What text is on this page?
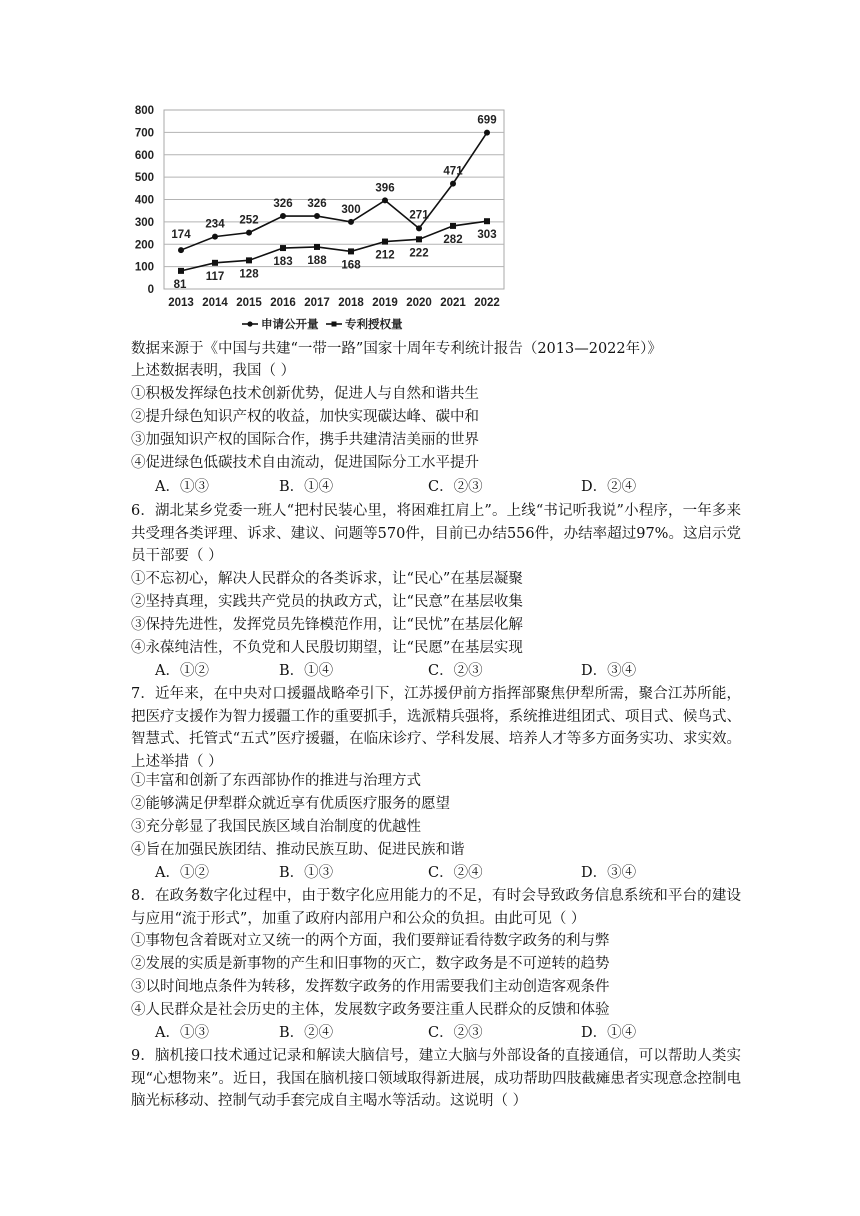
0
100
200
300
400
500
600
700
800
2013 2014 2015 2016 2017 2018 2019 2020 2021 2022
174
234 252
326 326 300
396
271
471
699
81
117 128
183 188 168
212 222
282 303
申请公开量 专利授权量
数据来源于《中国与共建“一带一路”国家十周年专利统计报告（2013—2022年）》
上述数据表明，我国（ ）
①积极发挥绿色技术创新优势，促进人与自然和谐共生
②提升绿色知识产权的收益，加快实现碳达峰、碳中和
③加强知识产权的国际合作，携手共建清洁美丽的世界
④促进绿色低碳技术自由流动，促进国际分工水平提升
A．①③	B．①④	C．②③	D．②④
6．湖北某乡党委一班人“把村民装心里，将困难扛肩上”。上线“书记听我说”小程序，一年多来共受理各类评理、诉求、建议、问题等570件，目前已办结556件，办结率超过97%。这启示党员干部要（ ）
①不忘初心，解决人民群众的各类诉求，让“民心”在基层凝聚
②坚持真理，实践共产党员的执政方式，让“民意”在基层收集
③保持先进性，发挥党员先锋模范作用，让“民忧”在基层化解
④永葆纯洁性，不负党和人民殷切期望，让“民愿”在基层实现
A．①②	B．①④	C．②③	D．③④
7．近年来，在中央对口援疆战略牵引下，江苏援伊前方指挥部聚焦伊犁所需，聚合江苏所能，把医疗支援作为智力援疆工作的重要抓手，选派精兵强将，系统推进组团式、项目式、候鸟式、智慧式、托管式“五式”医疗援疆，在临床诊疗、学科发展、培养人才等多方面务实功、求实效。上述举措（ ）
①丰富和创新了东西部协作的推进与治理方式
②能够满足伊犁群众就近享有优质医疗服务的愿望
③充分彰显了我国民族区域自治制度的优越性
④旨在加强民族团结、推动民族互助、促进民族和谐
A．①②	B．①③	C．②④	D．③④
8．在政务数字化过程中，由于数字化应用能力的不足，有时会导致政务信息系统和平台的建设与应用“流于形式”，加重了政府内部用户和公众的负担。由此可见（ ）
①事物包含着既对立又统一的两个方面，我们要辩证看待数字政务的利与弊
②发展的实质是新事物的产生和旧事物的灭亡，数字政务是不可逆转的趋势
③以时间地点条件为转移，发挥数字政务的作用需要我们主动创造客观条件
④人民群众是社会历史的主体，发展数字政务要注重人民群众的反馈和体验
A．①③	B．②④	C．②③	D．①④
9．脑机接口技术通过记录和解读大脑信号，建立大脑与外部设备的直接通信，可以帮助人类实现“心想物来”。近日，我国在脑机接口领域取得新进展，成功帮助四肢截瘫患者实现意念控制电脑光标移动、控制气动手套完成自主喝水等活动。这说明（ ）
